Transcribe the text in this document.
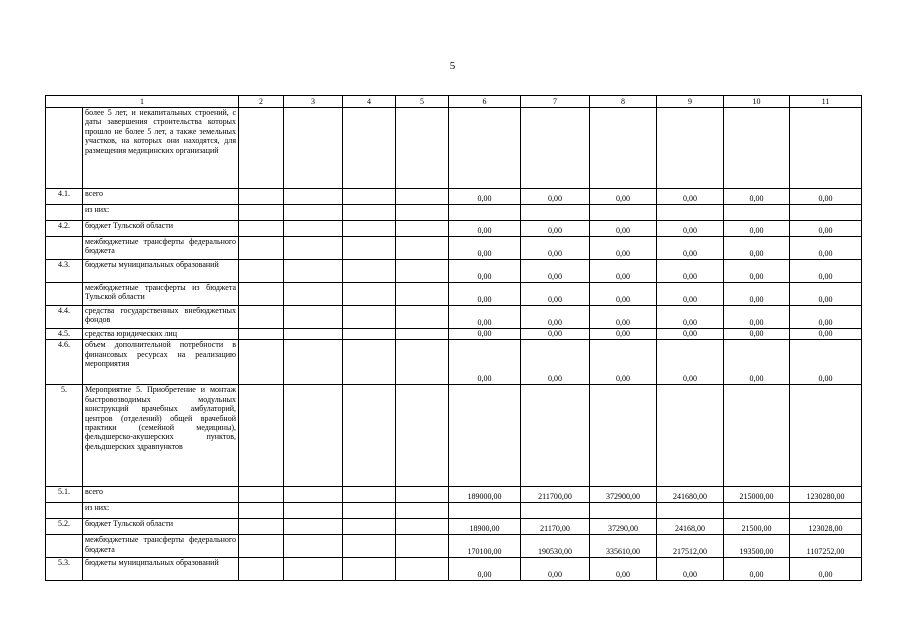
5
1		2	3	4	5	6	7	8	9	10	11
	более 5 лет, и некапитальных строений, с даты завершения строительства которых прошло не более 5 лет, а также земельных участков, на которых они находятся, для размещения медицинских организаций										
4.1.	всего					0,00	0,00	0,00	0,00	0,00	0,00
	из них:										
4.2.	бюджет Тульской области					0,00	0,00	0,00	0,00	0,00	0,00
	межбюджетные трансферты федерального бюджета					0,00	0,00	0,00	0,00	0,00	0,00
4.3.	бюджеты муниципальных образований					0,00	0,00	0,00	0,00	0,00	0,00
	межбюджетные трансферты из бюджета Тульской области					0,00	0,00	0,00	0,00	0,00	0,00
4.4.	средства государственных внебюджетных фондов					0,00	0,00	0,00	0,00	0,00	0,00
4.5.	средства юридических лиц					0,00	0,00	0,00	0,00	0,00	0,00
4.6.	объем дополнительной потребности в финансовых ресурсах на реализацию мероприятия					0,00	0,00	0,00	0,00	0,00	0,00
5.	Мероприятие 5. Приобретение и монтаж быстровозводимых модульных конструкций врачебных амбулаторий, центров (отделений) общей врачебной практики (семейной медицины), фельдшерско-акушерских пунктов, фельдшерских здравпунктов										
5.1.	всего					189000,00	211700,00	372900,00	241680,00	215000,00	1230280,00
	из них:										
5.2.	бюджет Тульской области					18900,00	21170,00	37290,00	24168,00	21500,00	123028,00
	межбюджетные трансферты федерального бюджета					170100,00	190530,00	335610,00	217512,00	193500,00	1107252,00
5.3.	бюджеты муниципальных образований					0,00	0,00	0,00	0,00	0,00	0,00
